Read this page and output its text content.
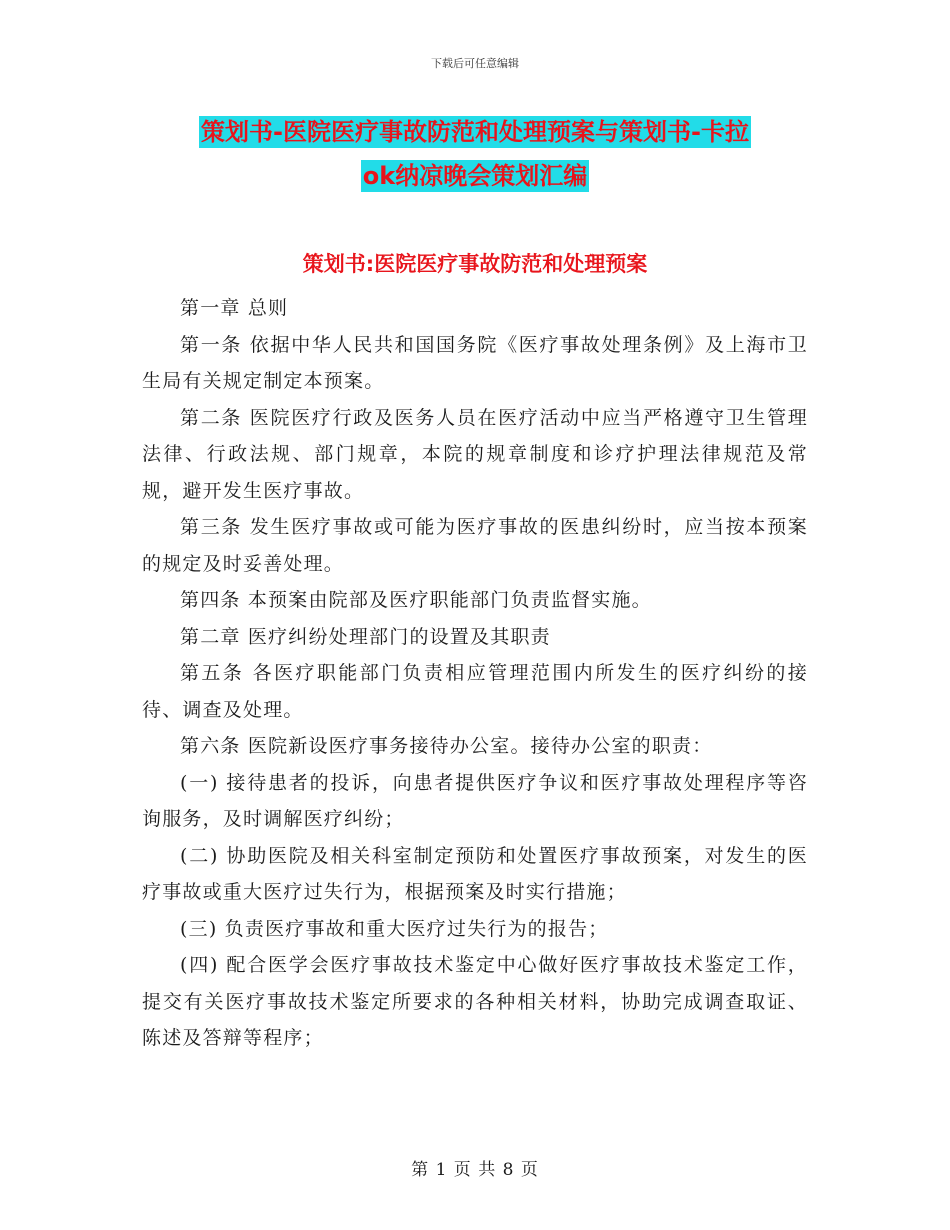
下载后可任意编辑
策划书-医院医疗事故防范和处理预案与策划书-卡拉
ok纳凉晚会策划汇编
策划书:医院医疗事故防范和处理预案

第一章 总则

第一条 依据中华人民共和国国务院《医疗事故处理条例》及上海市卫生局有关规定制定本预案。

第二条 医院医疗行政及医务人员在医疗活动中应当严格遵守卫生管理法律、行政法规、部门规章，本院的规章制度和诊疗护理法律规范及常规，避开发生医疗事故。

第三条 发生医疗事故或可能为医疗事故的医患纠纷时，应当按本预案的规定及时妥善处理。

第四条 本预案由院部及医疗职能部门负责监督实施。

第二章 医疗纠纷处理部门的设置及其职责

第五条 各医疗职能部门负责相应管理范围内所发生的医疗纠纷的接待、调查及处理。

第六条 医院新设医疗事务接待办公室。接待办公室的职责：

(一) 接待患者的投诉，向患者提供医疗争议和医疗事故处理程序等咨询服务，及时调解医疗纠纷；

(二) 协助医院及相关科室制定预防和处置医疗事故预案，对发生的医疗事故或重大医疗过失行为，根据预案及时实行措施；

(三) 负责医疗事故和重大医疗过失行为的报告；

(四) 配合医学会医疗事故技术鉴定中心做好医疗事故技术鉴定工作，提交有关医疗事故技术鉴定所要求的各种相关材料，协助完成调查取证、陈述及答辩等程序；

第 1 页 共 8 页
